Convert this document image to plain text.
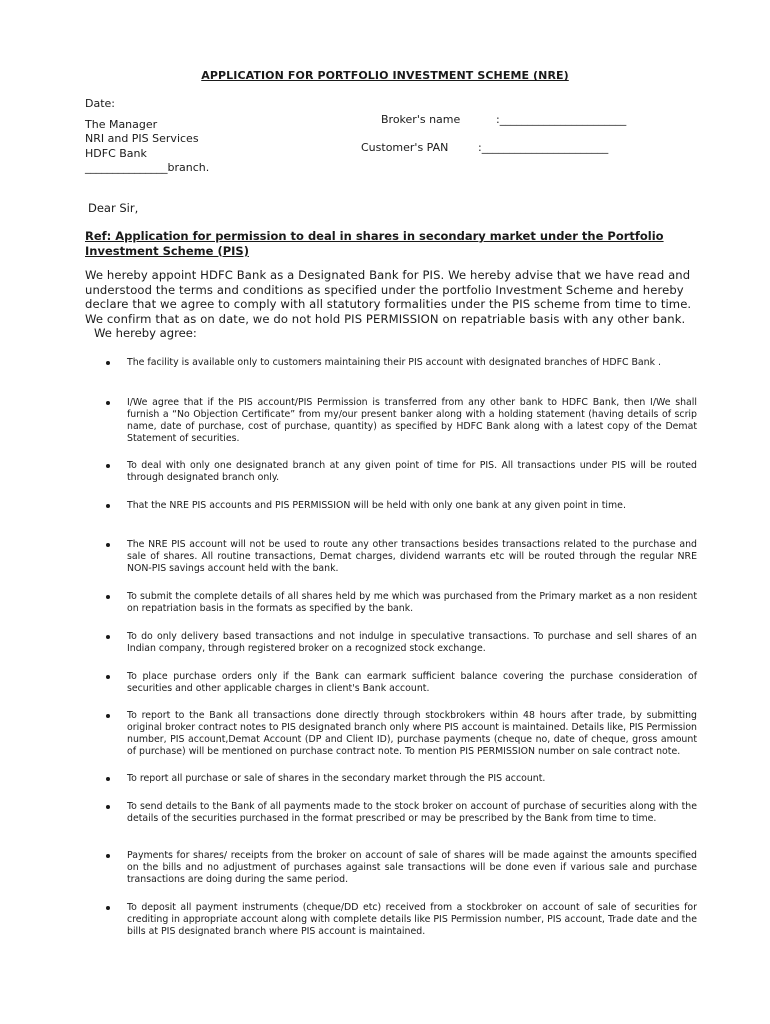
APPLICATION FOR PORTFOLIO INVESTMENT SCHEME (NRE)
Date:
The Manager
NRI and PIS Services
HDFC Bank
_______________branch.
Broker's name	:_______________________
Customer's PAN	:_______________________
Dear Sir,
Ref: Application for permission to deal in shares in secondary market under the Portfolio Investment Scheme (PIS)
We hereby appoint HDFC Bank as a Designated Bank for PIS. We hereby advise that we have read and understood the terms and conditions as specified under the portfolio Investment Scheme and hereby declare that we agree to comply with all statutory formalities under the PIS scheme from time to time. We confirm that as on date, we do not hold PIS PERMISSION on repatriable basis with any other bank.
We hereby agree:
The facility is available only to customers maintaining their PIS account with designated branches of HDFC Bank .
I/We agree that if the PIS account/PIS Permission is transferred from any other bank to HDFC Bank, then I/We shall furnish a “No Objection Certificate” from my/our present banker along with a holding statement (having details of scrip name, date of purchase, cost of purchase, quantity) as specified by HDFC Bank along with a latest copy of the Demat Statement of securities.
To deal with only one designated branch at any given point of time for PIS. All transactions under PIS will be routed through designated branch only.
That the NRE PIS accounts and PIS PERMISSION will be held with only one bank at any given point in time.
The NRE PIS account will not be used to route any other transactions besides transactions related to the purchase and sale of shares. All routine transactions, Demat charges, dividend warrants etc will be routed through the regular NRE NON-PIS savings account held with the bank.
To submit the complete details of all shares held by me which was purchased from the Primary market as a non resident on repatriation basis in the formats as specified by the bank.
To do only delivery based transactions and not indulge in speculative transactions. To purchase and sell shares of an Indian company, through registered broker on a recognized stock exchange.
To place purchase orders only if the Bank can earmark sufficient balance covering the purchase consideration of securities and other applicable charges in client's Bank account.
To report to the Bank all transactions done directly through stockbrokers within 48 hours after trade, by submitting original broker contract notes to PIS designated branch only where PIS account is maintained. Details like, PIS Permission number, PIS account,Demat Account (DP and Client ID), purchase payments (cheque no, date of cheque, gross amount of purchase) will be mentioned on purchase contract note. To mention PIS PERMISSION number on sale contract note.
To report all purchase or sale of shares in the secondary market through the PIS account.
To send details to the Bank of all payments made to the stock broker on account of purchase of securities along with the details of the securities purchased in the format prescribed or may be prescribed by the Bank from time to time.
Payments for shares/ receipts from the broker on account of sale of shares will be made against the amounts specified on the bills and no adjustment of purchases against sale transactions will be done even if various sale and purchase transactions are doing during the same period.
To deposit all payment instruments (cheque/DD etc) received from a stockbroker on account of sale of securities for crediting in appropriate account along with complete details like PIS Permission number, PIS account, Trade date and the bills at PIS designated branch where PIS account is maintained.
